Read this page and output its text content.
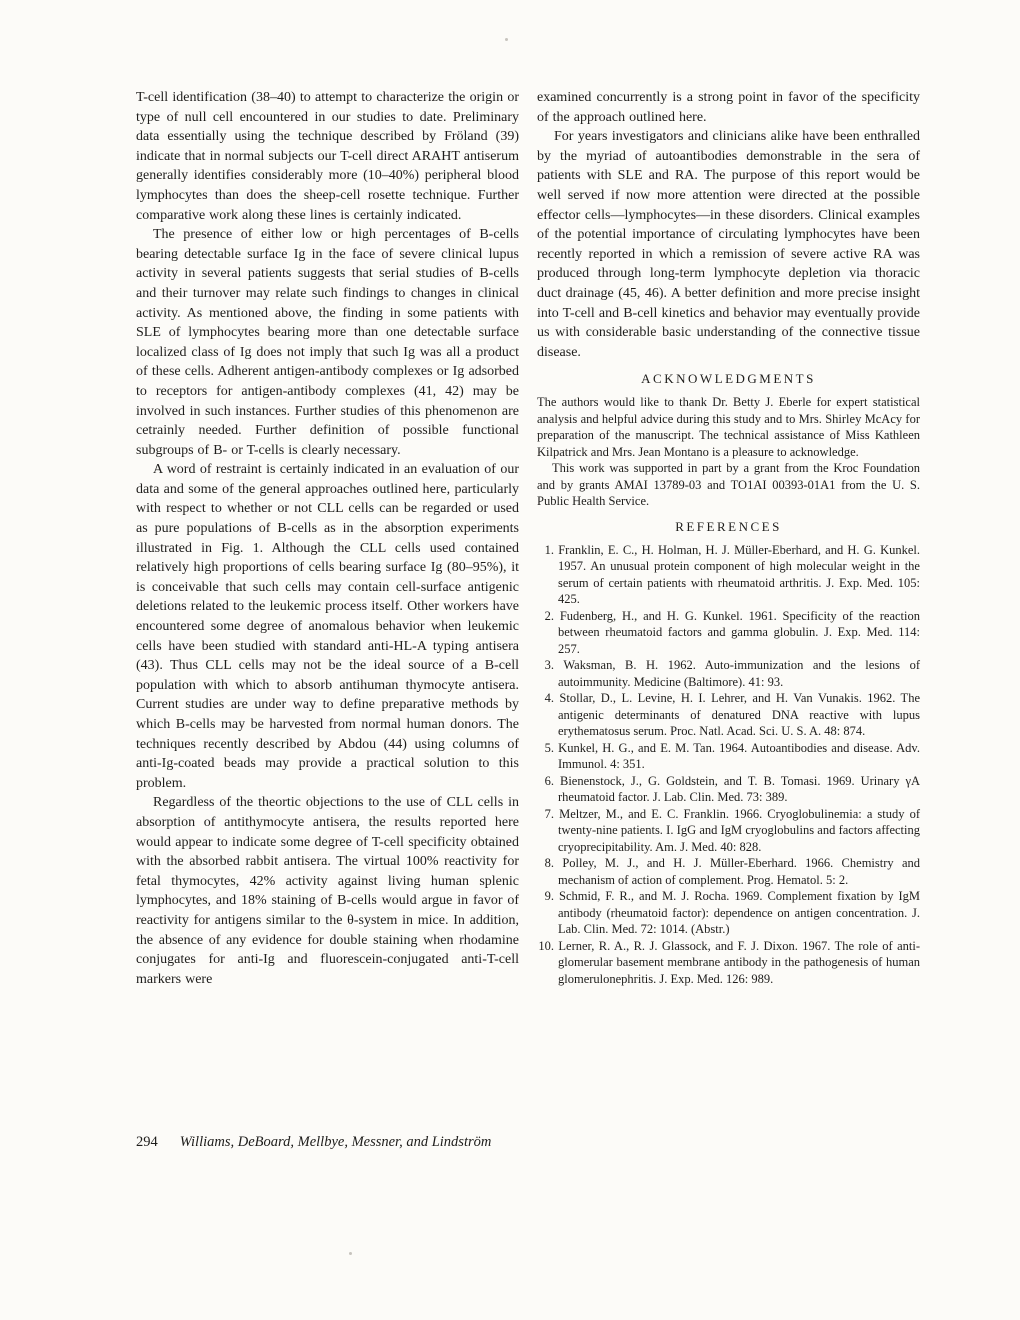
T-cell identification (38–40) to attempt to characterize the origin or type of null cell encountered in our studies to date. Preliminary data essentially using the technique described by Fröland (39) indicate that in normal subjects our T-cell direct ARAHT antiserum generally identifies considerably more (10–40%) peripheral blood lymphocytes than does the sheep-cell rosette technique. Further comparative work along these lines is certainly indicated.

The presence of either low or high percentages of B-cells bearing detectable surface Ig in the face of severe clinical lupus activity in several patients suggests that serial studies of B-cells and their turnover may relate such findings to changes in clinical activity. As mentioned above, the finding in some patients with SLE of lymphocytes bearing more than one detectable surface localized class of Ig does not imply that such Ig was all a product of these cells. Adherent antigen-antibody complexes or Ig adsorbed to receptors for antigen-antibody complexes (41, 42) may be involved in such instances. Further studies of this phenomenon are cetrainly needed. Further definition of possible functional subgroups of B- or T-cells is clearly necessary.

A word of restraint is certainly indicated in an evaluation of our data and some of the general approaches outlined here, particularly with respect to whether or not CLL cells can be regarded or used as pure populations of B-cells as in the absorption experiments illustrated in Fig. 1. Although the CLL cells used contained relatively high proportions of cells bearing surface Ig (80–95%), it is conceivable that such cells may contain cell-surface antigenic deletions related to the leukemic process itself. Other workers have encountered some degree of anomalous behavior when leukemic cells have been studied with standard anti-HL-A typing antisera (43). Thus CLL cells may not be the ideal source of a B-cell population with which to absorb antihuman thymocyte antisera. Current studies are under way to define preparative methods by which B-cells may be harvested from normal human donors. The techniques recently described by Abdou (44) using columns of anti-Ig-coated beads may provide a practical solution to this problem.

Regardless of the theortic objections to the use of CLL cells in absorption of antithymocyte antisera, the results reported here would appear to indicate some degree of T-cell specificity obtained with the absorbed rabbit antisera. The virtual 100% reactivity for fetal thymocytes, 42% activity against living human splenic lymphocytes, and 18% staining of B-cells would argue in favor of reactivity for antigens similar to the θ-system in mice. In addition, the absence of any evidence for double staining when rhodamine conjugates for anti-Ig and fluorescein-conjugated anti-T-cell markers were

examined concurrently is a strong point in favor of the specificity of the approach outlined here.

For years investigators and clinicians alike have been enthralled by the myriad of autoantibodies demonstrable in the sera of patients with SLE and RA. The purpose of this report would be well served if now more attention were directed at the possible effector cells—lymphocytes—in these disorders. Clinical examples of the potential importance of circulating lymphocytes have been recently reported in which a remission of severe active RA was produced through long-term lymphocyte depletion via thoracic duct drainage (45, 46). A better definition and more precise insight into T-cell and B-cell kinetics and behavior may eventually provide us with considerable basic understanding of the connective tissue disease.

ACKNOWLEDGMENTS

The authors would like to thank Dr. Betty J. Eberle for expert statistical analysis and helpful advice during this study and to Mrs. Shirley McAcy for preparation of the manuscript. The technical assistance of Miss Kathleen Kilpatrick and Mrs. Jean Montano is a pleasure to acknowledge.

This work was supported in part by a grant from the Kroc Foundation and by grants AMAI 13789-03 and TO1AI 00393-01A1 from the U. S. Public Health Service.

REFERENCES
1. Franklin, E. C., H. Holman, H. J. Müller-Eberhard, and H. G. Kunkel. 1957. An unusual protein component of high molecular weight in the serum of certain patients with rheumatoid arthritis. J. Exp. Med. 105: 425.
2. Fudenberg, H., and H. G. Kunkel. 1961. Specificity of the reaction between rheumatoid factors and gamma globulin. J. Exp. Med. 114: 257.
3. Waksman, B. H. 1962. Auto-immunization and the lesions of autoimmunity. Medicine (Baltimore). 41: 93.
4. Stollar, D., L. Levine, H. I. Lehrer, and H. Van Vunakis. 1962. The antigenic determinants of denatured DNA reactive with lupus erythematosus serum. Proc. Natl. Acad. Sci. U. S. A. 48: 874.
5. Kunkel, H. G., and E. M. Tan. 1964. Autoantibodies and disease. Adv. Immunol. 4: 351.
6. Bienenstock, J., G. Goldstein, and T. B. Tomasi. 1969. Urinary γA rheumatoid factor. J. Lab. Clin. Med. 73: 389.
7. Meltzer, M., and E. C. Franklin. 1966. Cryoglobulinemia: a study of twenty-nine patients. I. IgG and IgM cryoglobulins and factors affecting cryoprecipitability. Am. J. Med. 40: 828.
8. Polley, M. J., and H. J. Müller-Eberhard. 1966. Chemistry and mechanism of action of complement. Prog. Hematol. 5: 2.
9. Schmid, F. R., and M. J. Rocha. 1969. Complement fixation by IgM antibody (rheumatoid factor): dependence on antigen concentration. J. Lab. Clin. Med. 72: 1014. (Abstr.)
10. Lerner, R. A., R. J. Glassock, and F. J. Dixon. 1967. The role of anti-glomerular basement membrane antibody in the pathogenesis of human glomerulonephritis. J. Exp. Med. 126: 989.
294 Williams, DeBoard, Mellbye, Messner, and Lindström
